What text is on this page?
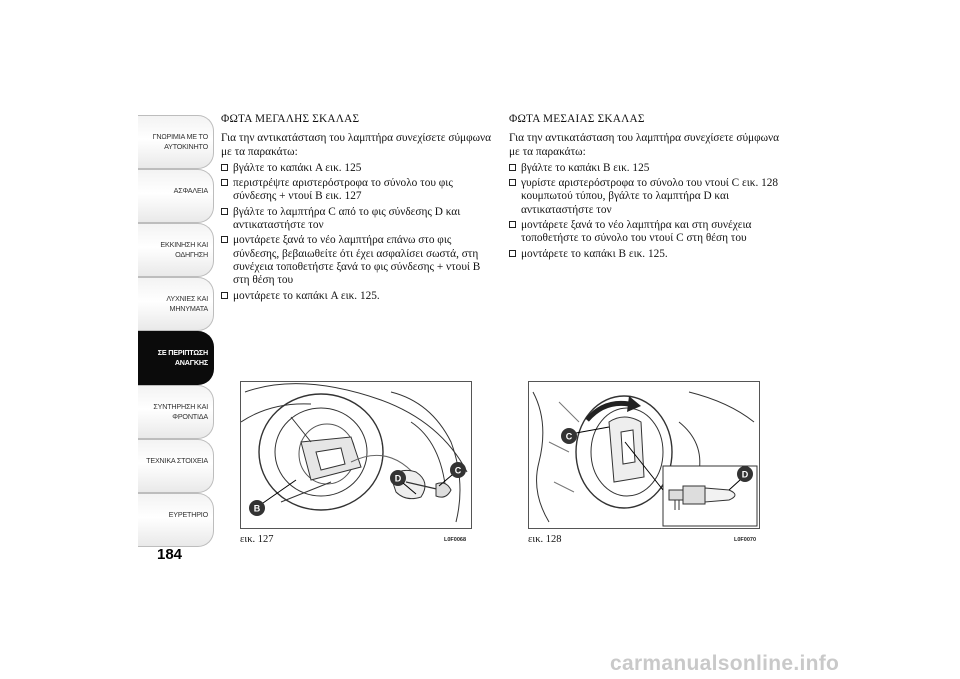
ΓΝΩΡΙΜΙΑ ΜΕ ΤΟ
ΑΥΤΟΚΙΝΗΤΟ
ΑΣΦΑΛΕΙΑ
ΕΚΚΙΝΗΣΗ ΚΑΙ
ΟΔΗΓΗΣΗ
ΛΥΧΝΙΕΣ ΚΑΙ
ΜΗΝΥΜΑΤΑ
ΣΕ ΠΕΡΙΠΤΩΣΗ
ΑΝΑΓΚΗΣ
ΣΥΝΤΗΡΗΣΗ ΚΑΙ
ΦΡΟΝΤΙΔΑ
ΤΕΧΝΙΚΑ ΣΤΟΙΧΕΙΑ
ΕΥΡΕΤΗΡΙΟ
184
ΦΩΤΑ ΜΕΓΑΛΗΣ ΣΚΑΛΑΣ
Για την αντικατάσταση του λαμπτήρα συνεχίσετε σύμφωνα με τα παρακάτω:
βγάλτε το καπάκι A εικ. 125
περιστρέψτε αριστερόστροφα το σύνολο του φις σύνδεσης + ντουί B εικ. 127
βγάλτε το λαμπτήρα C από το φις σύνδεσης D και αντικαταστήστε τον
μοντάρετε ξανά το νέο λαμπτήρα επάνω στο φις σύνδεσης, βεβαιωθείτε ότι έχει ασφαλίσει σωστά, στη συνέχεια τοποθετήστε ξανά το φις σύνδεσης + ντουί B στη θέση του
μοντάρετε το καπάκι A εικ. 125.
ΦΩΤΑ ΜΕΣΑΙΑΣ ΣΚΑΛΑΣ
Για την αντικατάσταση του λαμπτήρα συνεχίσετε σύμφωνα με τα παρακάτω:
βγάλτε το καπάκι B εικ. 125
γυρίστε αριστερόστροφα το σύνολο του ντουί C εικ. 128 κουμπωτού τύπου, βγάλτε το λαμπτήρα D και αντικαταστήστε τον
μοντάρετε ξανά το νέο λαμπτήρα και στη συνέχεια τοποθετήστε το σύνολο του ντουί C στη θέση του
μοντάρετε το καπάκι B εικ. 125.
B
D
C
εικ. 127	L0F0068
C
D
εικ. 128	L0F0070
carmanualsonline.info
